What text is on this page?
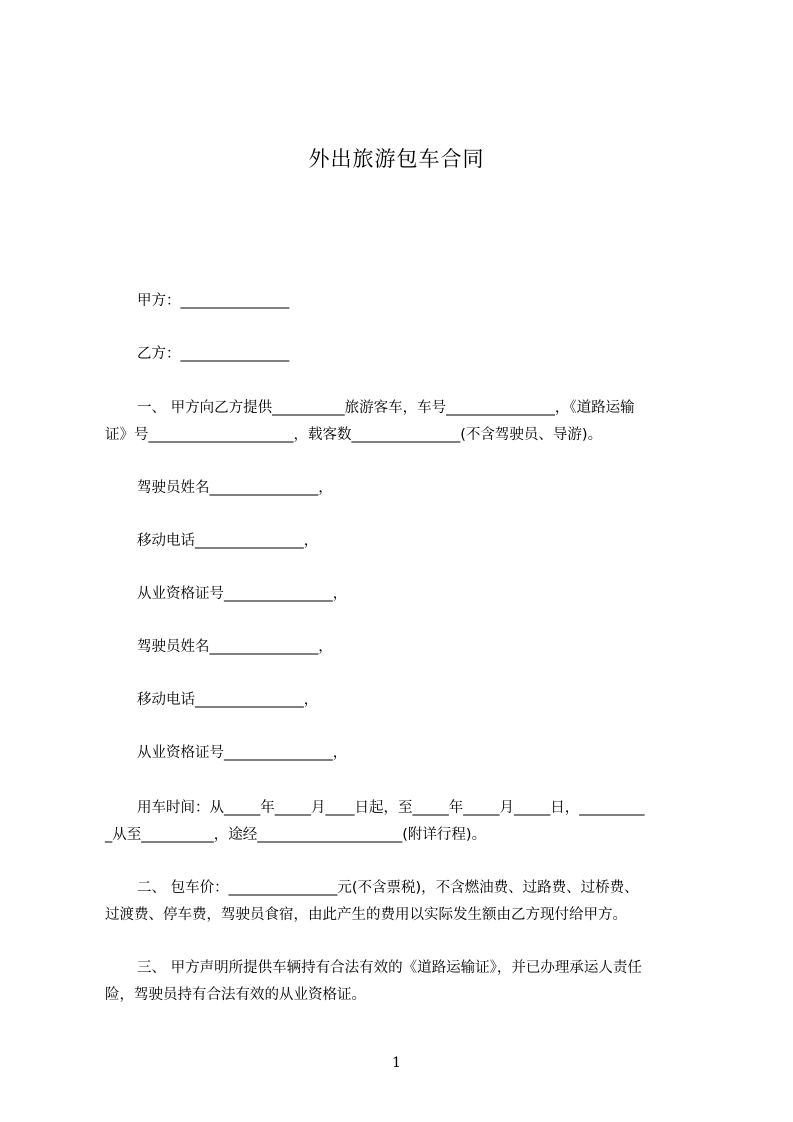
外出旅游包车合同
甲方：_______________
乙方：_______________
一、 甲方向乙方提供__________旅游客车，车号_______________，《道路运输
证》号____________________，载客数_______________(不含驾驶员、导游)。
驾驶员姓名_______________，
移动电话_______________，
从业资格证号_______________，
驾驶员姓名_______________，
移动电话_______________，
从业资格证号_______________，
用车时间：从_____年_____月____日起，至_____年_____月_____日，_________
_从至__________，途经____________________(附详行程)。
二、 包车价：_______________元(不含票税)，不含燃油费、过路费、过桥费、
过渡费、停车费，驾驶员食宿，由此产生的费用以实际发生额由乙方现付给甲方。
三、 甲方声明所提供车辆持有合法有效的《道路运输证》，并已办理承运人责任
险，驾驶员持有合法有效的从业资格证。
1
